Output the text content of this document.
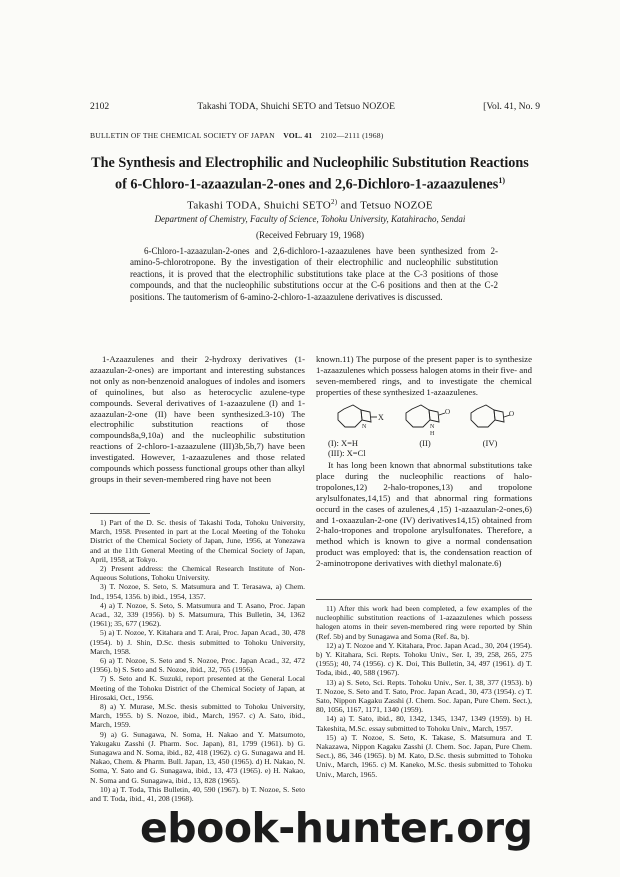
2102	Takashi TODA, Shuichi SETO and Tetsuo NOZOE	[Vol. 41, No. 9
BULLETIN OF THE CHEMICAL SOCIETY OF JAPAN VOL. 41 2102—2111 (1968)
The Synthesis and Electrophilic and Nucleophilic Substitution Reactions
of 6-Chloro-1-azaazulan-2-ones and 2,6-Dichloro-1-azaazulenes$^{1)}$
Takashi TODA, Shuichi SETO$^{2)}$ and Tetsuo NOZOE
Department of Chemistry, Faculty of Science, Tohoku University, Katahiracho, Sendai
(Received February 19, 1968)
6-Chloro-1-azaazulan-2-ones and 2,6-dichloro-1-azaazulenes have been synthesized from 2-amino-5-chlorotropone. By the investigation of their electrophilic and nucleophilic substitution reactions, it is proved that the electrophilic substitutions take place at the C-3 positions of those compounds, and that the nucleophilic substitutions occur at the C-6 positions and then at the C-2 positions. The tautomerism of 6-amino-2-chloro-1-azaazulene derivatives is discussed.

1-Azaazulenes and their 2-hydroxy derivatives (1-azaazulan-2-ones) are important and interesting substances not only as non-benzenoid analogues of indoles and isomers of quinolines, but also as heterocyclic azulene-type compounds. Several derivatives of 1-azaazulene (I) and 1-azaazulan-2-one (II) have been synthesized.3-10) The electrophilic substitution reactions of those compounds8a,9,10a) and the nucleophilic substitution reactions of 2-chloro-1-azaazulene (III)3b,5b,7) have been investigated. However, 1-azaazulenes and those related compounds which possess functional groups other than alkyl groups in their seven-membered ring have not been

1) Part of the D. Sc. thesis of Takashi Toda, Tohoku University, March, 1958. Presented in part at the Local Meeting of the Tohoku District of the Chemical Society of Japan, June, 1956, at Yonezawa and at the 11th General Meeting of the Chemical Society of Japan, April, 1958, at Tokyo.

2) Present address: the Chemical Research Institute of Non-Aqueous Solutions, Tohoku University.

3) T. Nozoe, S. Seto, S. Matsumura and T. Terasawa, a) Chem. Ind., 1954, 1356. b) ibid., 1954, 1357.

4) a) T. Nozoe, S. Seto, S. Matsumura and T. Asano, Proc. Japan Acad., 32, 339 (1956). b) S. Matsumura, This Bulletin, 34, 1362 (1961); 35, 677 (1962).

5) a) T. Nozoe, Y. Kitahara and T. Arai, Proc. Japan Acad., 30, 478 (1954). b) J. Shin, D.Sc. thesis submitted to Tohoku University, March, 1958.

6) a) T. Nozoe, S. Seto and S. Nozoe, Proc. Japan Acad., 32, 472 (1956). b) S. Seto and S. Nozoe, ibid., 32, 765 (1956).

7) S. Seto and K. Suzuki, report presented at the General Local Meeting of the Tohoku District of the Chemical Society of Japan, at Hirosaki, Oct., 1956.

8) a) Y. Murase, M.Sc. thesis submitted to Tohoku University, March, 1955. b) S. Nozoe, ibid., March, 1957. c) A. Sato, ibid., March, 1959.

9) a) G. Sunagawa, N. Soma, H. Nakao and Y. Matsumoto, Yakugaku Zasshi (J. Pharm. Soc. Japan), 81, 1799 (1961). b) G. Sunagawa and N. Soma, ibid., 82, 418 (1962). c) G. Sunagawa and H. Nakao, Chem. & Pharm. Bull. Japan, 13, 450 (1965). d) H. Nakao, N. Soma, Y. Sato and G. Sunagawa, ibid., 13, 473 (1965). e) H. Nakao, N. Soma and G. Sunagawa, ibid., 13, 828 (1965).

10) a) T. Toda, This Bulletin, 40, 590 (1967). b) T. Nozoe, S. Seto and T. Toda, ibid., 41, 208 (1968).

known.11) The purpose of the present paper is to synthesize 1-azaazulenes which possess halogen atoms in their five- and seven-membered rings, and to investigate the chemical properties of these synthesized 1-azaazulenes.

X
N
O
N
H
O
(I): X=H	(II)	(IV)
(III): X=Cl

It has long been known that abnormal substitutions take place during the nucleophilic reactions of halo-tropolones,12) 2-halo-tropones,13) and tropolone arylsulfonates,14,15) and that abnormal ring formations occurd in the cases of azulenes,4 ,15) 1-azaazulan-2-ones,6) and 1-oxaazulan-2-one (IV) derivatives14,15) obtained from 2-halo-tropones and tropolone arylsulfonates. Therefore, a method which is known to give a normal condensation product was employed: that is, the condensation reaction of 2-aminotropone derivatives with diethyl malonate.6)

11) After this work had been completed, a few examples of the nucleophilic substitution reactions of 1-azaazulenes which possess halogen atoms in their seven-membered ring were reported by Shin (Ref. 5b) and by Sunagawa and Soma (Ref. 8a, b).

12) a) T. Nozoe and Y. Kitahara, Proc. Japan Acad., 30, 204 (1954). b) Y. Kitahara, Sci. Repts. Tohoku Univ., Ser. I, 39, 258, 265, 275 (1955); 40, 74 (1956). c) K. Doi, This Bulletin, 34, 497 (1961). d) T. Toda, ibid., 40, 588 (1967).

13) a) S. Seto, Sci. Repts. Tohoku Univ., Ser. I, 38, 377 (1953). b) T. Nozoe, S. Seto and T. Sato, Proc. Japan Acad., 30, 473 (1954). c) T. Sato, Nippon Kagaku Zasshi (J. Chem. Soc. Japan, Pure Chem. Sect.), 80, 1056, 1167, 1171, 1340 (1959).

14) a) T. Sato, ibid., 80, 1342, 1345, 1347, 1349 (1959). b) H. Takeshita, M.Sc. essay submitted to Tohoku Univ., March, 1957.

15) a) T. Nozoe, S. Seto, K. Takase, S. Matsumura and T. Nakazawa, Nippon Kagaku Zasshi (J. Chem. Soc. Japan, Pure Chem. Sect.), 86, 346 (1965). b) M. Kato, D.Sc. thesis submitted to Tohoku Univ., March, 1965. c) M. Kaneko, M.Sc. thesis submitted to Tohoku Univ., March, 1965.

ebook-hunter.org
